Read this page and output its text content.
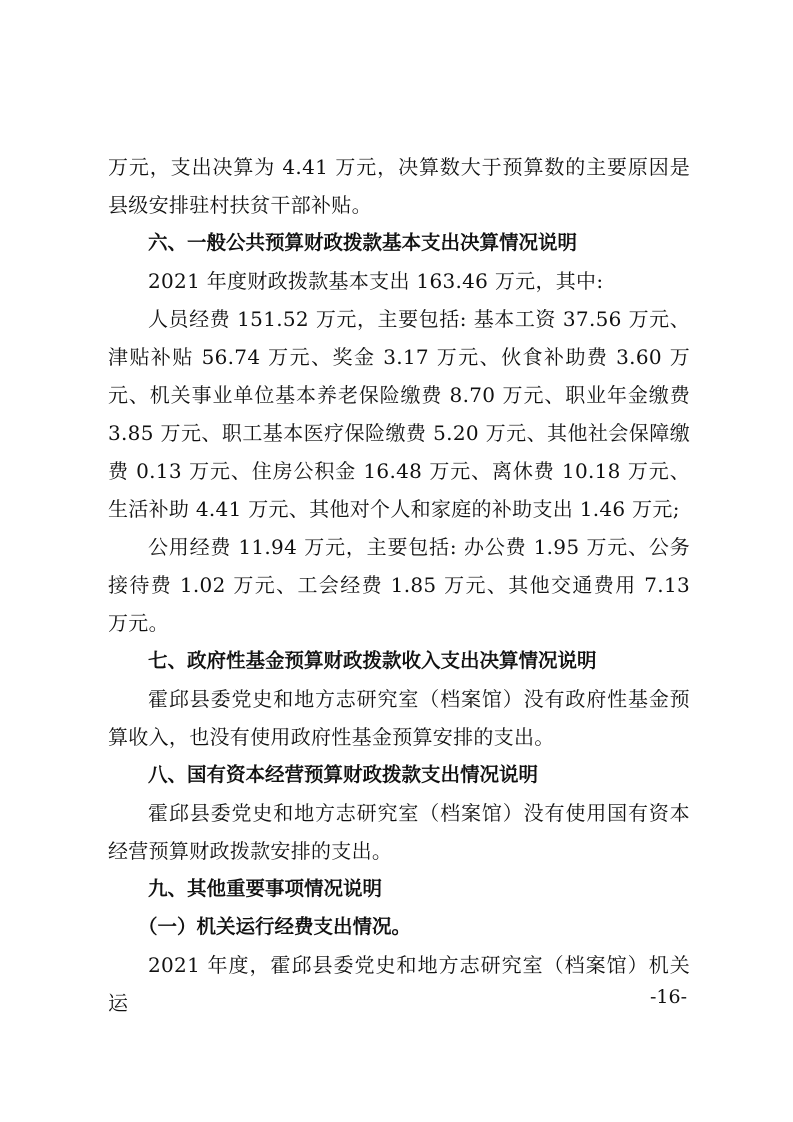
万元，支出决算为 4.41 万元，决算数大于预算数的主要原因是县级安排驻村扶贫干部补贴。

六、一般公共预算财政拨款基本支出决算情况说明

2021 年度财政拨款基本支出 163.46 万元，其中:

人员经费 151.52 万元，主要包括: 基本工资 37.56 万元、津贴补贴 56.74 万元、奖金 3.17 万元、伙食补助费 3.60 万元、机关事业单位基本养老保险缴费 8.70 万元、职业年金缴费 3.85 万元、职工基本医疗保险缴费 5.20 万元、其他社会保障缴费 0.13 万元、住房公积金 16.48 万元、离休费 10.18 万元、生活补助 4.41 万元、其他对个人和家庭的补助支出 1.46 万元;

公用经费 11.94 万元，主要包括: 办公费 1.95 万元、公务接待费 1.02 万元、工会经费 1.85 万元、其他交通费用 7.13 万元。

七、政府性基金预算财政拨款收入支出决算情况说明

霍邱县委党史和地方志研究室（档案馆）没有政府性基金预算收入，也没有使用政府性基金预算安排的支出。

八、国有资本经营预算财政拨款支出情况说明

霍邱县委党史和地方志研究室（档案馆）没有使用国有资本经营预算财政拨款安排的支出。

九、其他重要事项情况说明

（一）机关运行经费支出情况。

2021 年度，霍邱县委党史和地方志研究室（档案馆）机关运	-16-
